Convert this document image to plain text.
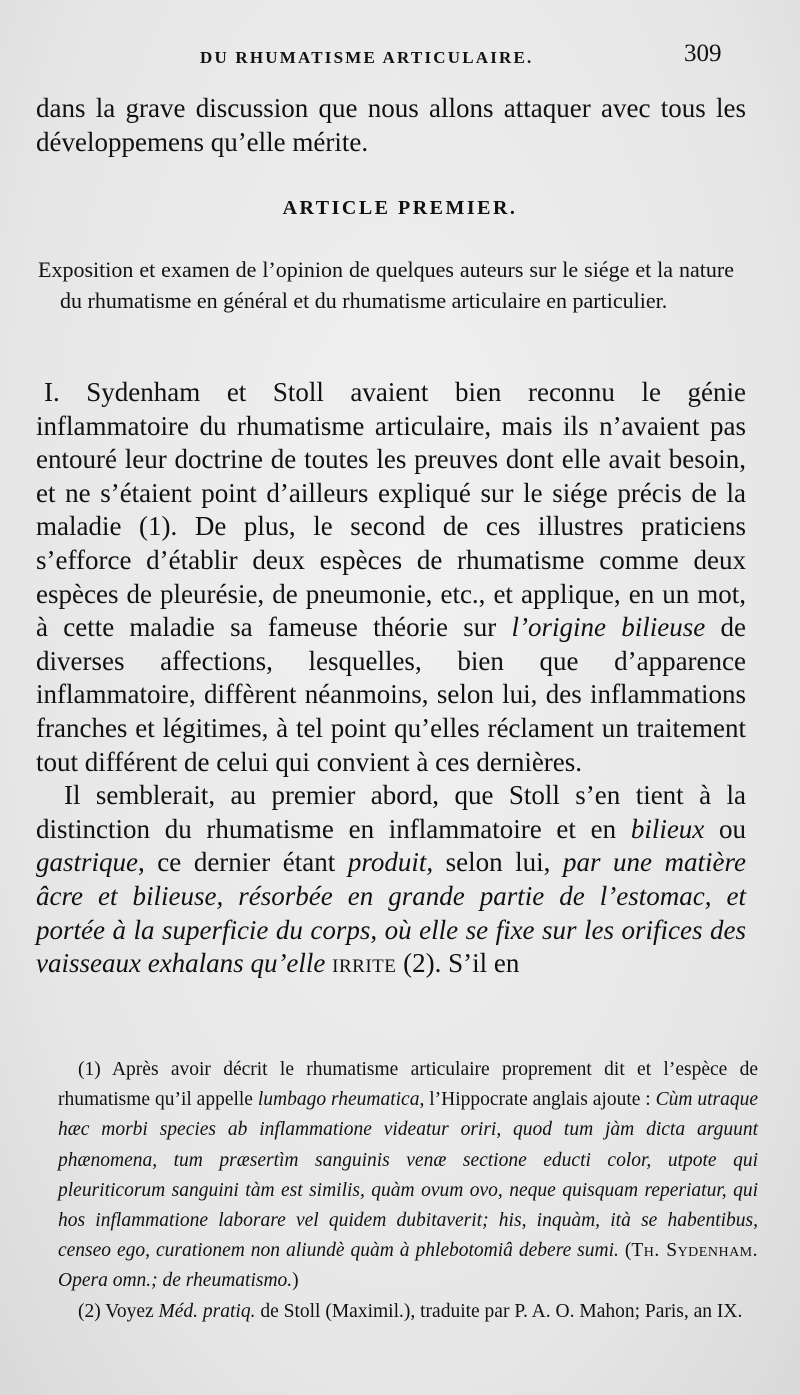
DU RHUMATISME ARTICULAIRE.	309
dans la grave discussion que nous allons attaquer avec tous les développemens qu’elle mérite.
ARTICLE PREMIER.

Exposition et examen de l’opinion de quelques auteurs sur le siége et la nature du rhumatisme en général et du rhumatisme articulaire en particulier.

I. Sydenham et Stoll avaient bien reconnu le génie inflammatoire du rhumatisme articulaire, mais ils n’avaient pas entouré leur doctrine de toutes les preuves dont elle avait besoin, et ne s’étaient point d’ailleurs expliqué sur le siége précis de la maladie (1). De plus, le second de ces illustres praticiens s’efforce d’établir deux espèces de rhumatisme comme deux espèces de pleurésie, de pneumonie, etc., et applique, en un mot, à cette maladie sa fameuse théorie sur l’origine bilieuse de diverses affections, lesquelles, bien que d’apparence inflammatoire, diffèrent néanmoins, selon lui, des inflammations franches et légitimes, à tel point qu’elles réclament un traitement tout différent de celui qui convient à ces dernières.

Il semblerait, au premier abord, que Stoll s’en tient à la distinction du rhumatisme en inflammatoire et en bilieux ou gastrique, ce dernier étant produit, selon lui, par une matière âcre et bilieuse, résorbée en grande partie de l’estomac, et portée à la superficie du corps, où elle se fixe sur les orifices des vaisseaux exhalans qu’elle irrite (2). S’il en

(1) Après avoir décrit le rhumatisme articulaire proprement dit et l’espèce de rhumatisme qu’il appelle lumbago rheumatica, l’Hippocrate anglais ajoute : Cùm utraque hæc morbi species ab inflammatione videatur oriri, quod tum jàm dicta arguunt phænomena, tum præsertìm sanguinis venæ sectione educti color, utpote qui pleuriticorum sanguini tàm est similis, quàm ovum ovo, neque quisquam reperiatur, qui hos inflammatione laborare vel quidem dubitaverit; his, inquàm, ità se habentibus, censeo ego, curationem non aliundè quàm à phlebotomiâ debere sumi. (Th. Sydenham. Opera omn.; de rheumatismo.)

(2) Voyez Méd. pratiq. de Stoll (Maximil.), traduite par P. A. O. Mahon; Paris, an IX.
